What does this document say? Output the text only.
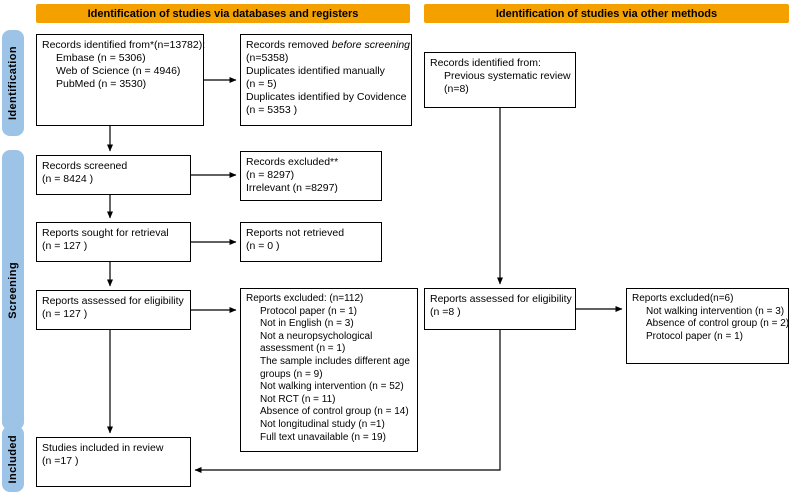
Identification of studies via databases and registers	Identification of studies via other methods
Identification
Screening
Included
Records identified from*(n=13782):
Embase (n = 5306)
Web of Science (n = 4946)
PubMed (n = 3530)
Records screened
(n = 8424 )
Reports sought for retrieval
(n = 127 )
Reports assessed for eligibility
(n = 127 )
Studies included in review
(n =17 )
Records removed before screening:
(n=5358)
Duplicates identified manually
(n = 5)
Duplicates identified by Covidence
(n = 5353 )
Records excluded**
(n = 8297)
Irrelevant (n =8297)
Reports not retrieved
(n = 0 )
Reports excluded: (n=112)
Protocol paper (n = 1)
Not in English (n = 3)
Not a neuropsychological
assessment (n = 1)
The sample includes different age
groups (n = 9)
Not walking intervention (n = 52)
Not RCT (n = 11)
Absence of control group (n = 14)
Not longitudinal study (n =1)
Full text unavailable (n = 19)
Records identified from:
Previous systematic review
(n=8)
Reports assessed for eligibility
(n =8 )
Reports excluded(n=6)
Not walking intervention (n = 3)
Absence of control group (n = 2)
Protocol paper (n = 1)
